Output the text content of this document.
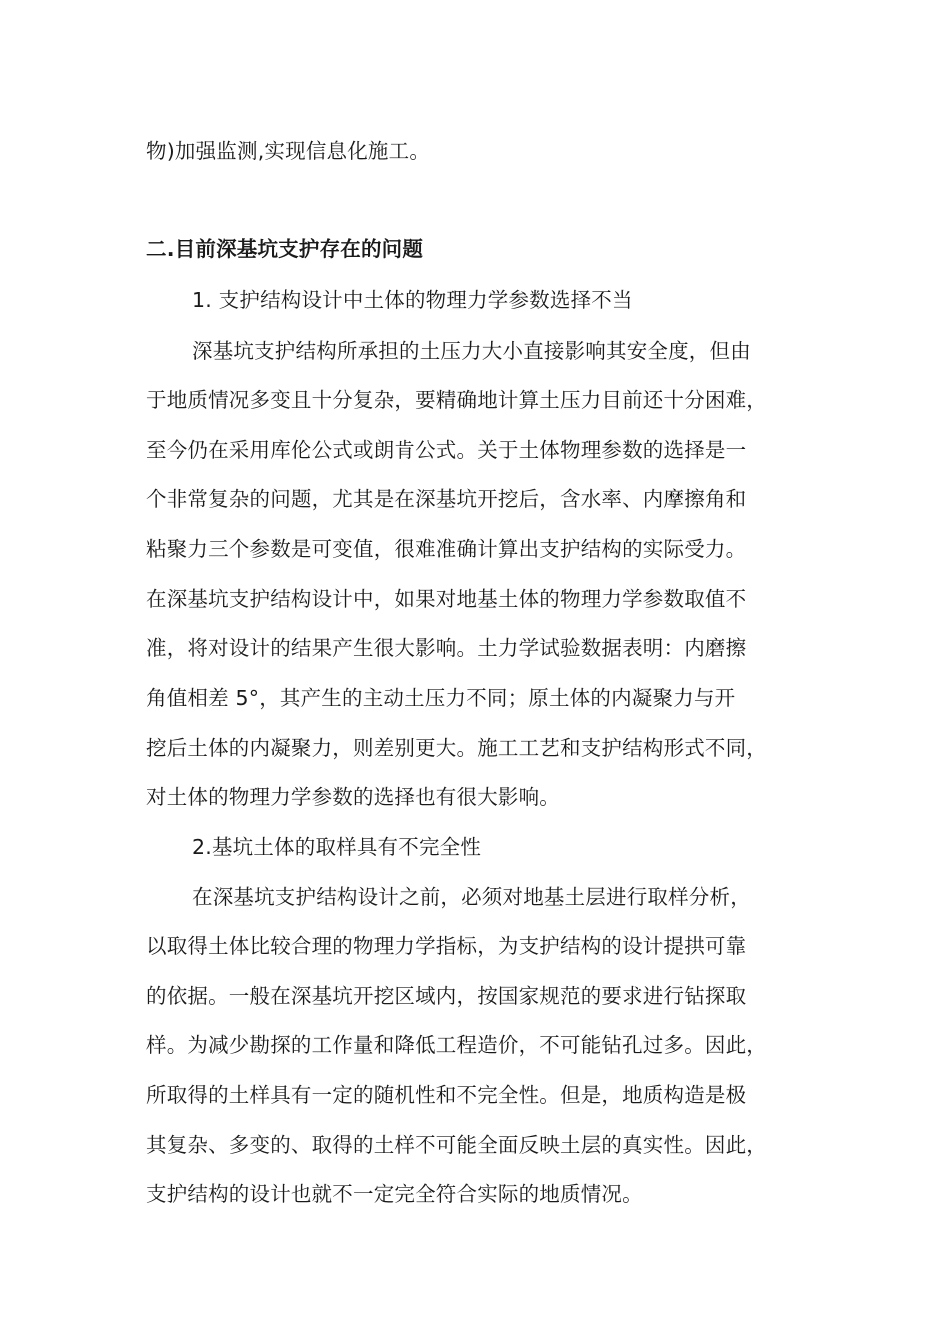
物)加强监测,实现信息化施工。
二.目前深基坑支护存在的问题
1. 支护结构设计中土体的物理力学参数选择不当
深基坑支护结构所承担的土压力大小直接影响其安全度，但由
于地质情况多变且十分复杂，要精确地计算土压力目前还十分困难，
至今仍在采用库伦公式或朗肯公式。关于土体物理参数的选择是一
个非常复杂的问题，尤其是在深基坑开挖后，含水率、内摩擦角和
粘聚力三个参数是可变值，很难准确计算出支护结构的实际受力。
在深基坑支护结构设计中，如果对地基土体的物理力学参数取值不
准，将对设计的结果产生很大影响。土力学试验数据表明：内磨擦
角值相差 5°，其产生的主动土压力不同；原土体的内凝聚力与开
挖后土体的内凝聚力，则差别更大。施工工艺和支护结构形式不同，
对土体的物理力学参数的选择也有很大影响。
2.基坑土体的取样具有不完全性
在深基坑支护结构设计之前，必须对地基土层进行取样分析，
以取得土体比较合理的物理力学指标，为支护结构的设计提拱可靠
的依据。一般在深基坑开挖区域内，按国家规范的要求进行钻探取
样。为减少勘探的工作量和降低工程造价，不可能钻孔过多。因此，
所取得的土样具有一定的随机性和不完全性。但是，地质构造是极
其复杂、多变的、取得的土样不可能全面反映土层的真实性。因此，
支护结构的设计也就不一定完全符合实际的地质情况。
